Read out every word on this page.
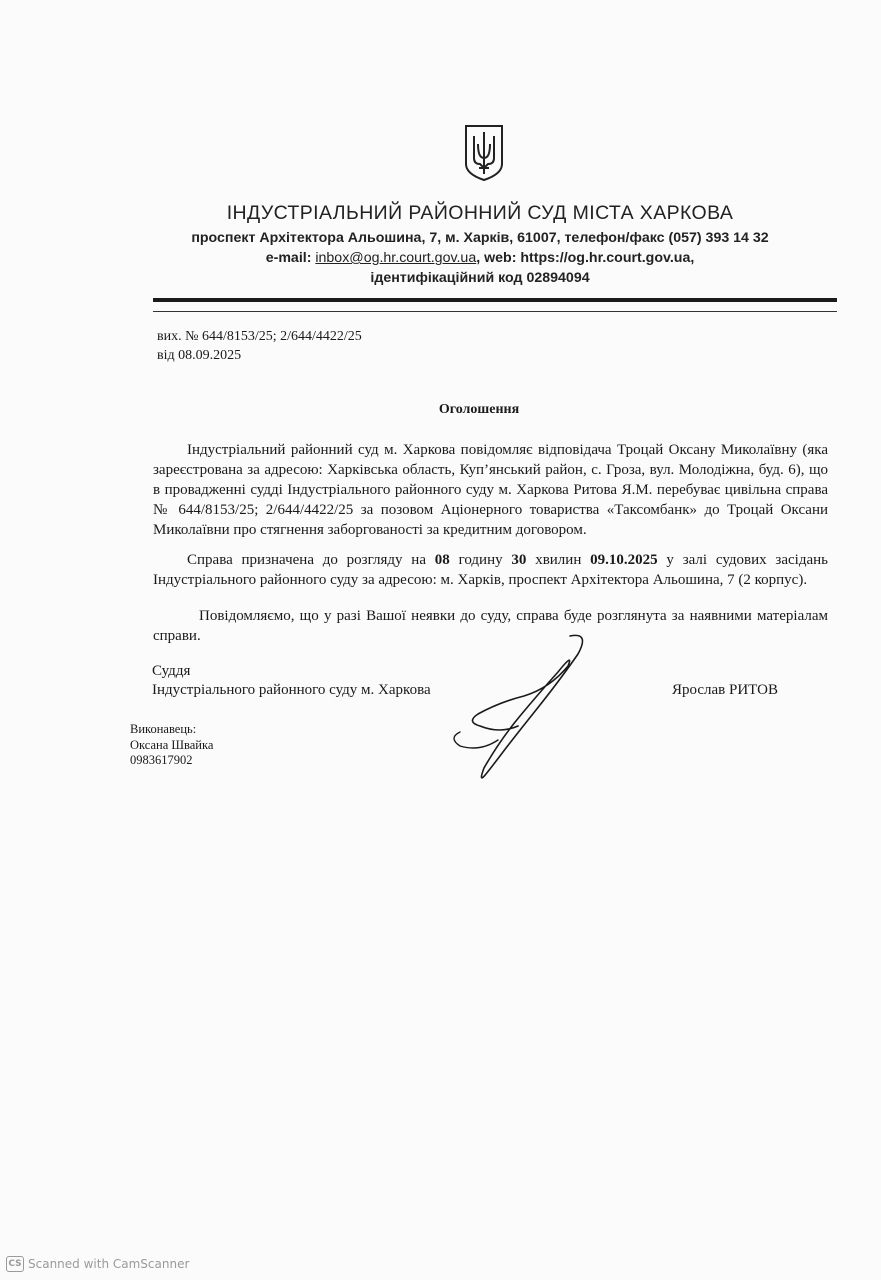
ІНДУСТРІАЛЬНИЙ РАЙОННИЙ СУД МІСТА ХАРКОВА
проспект Архітектора Альошина, 7, м. Харків, 61007, телефон/факс (057) 393 14 32
e-mail: inbox@og.hr.court.gov.ua, web: https://og.hr.court.gov.ua,
ідентифікаційний код 02894094
вих. № 644/8153/25; 2/644/4422/25
від 08.09.2025
Оголошення
Індустріальний районний суд м. Харкова повідомляє відповідача Троцай Оксану Миколаївну (яка зареєстрована за адресою: Харківська область, Куп’янський район, с. Гроза, вул. Молодіжна, буд. 6), що в провадженні судді Індустріального районного суду м. Харкова Ритова Я.М. перебуває цивільна справа № 644/8153/25; 2/644/4422/25 за позовом Аціонерного товариства «Таксомбанк» до Троцай Оксани Миколаївни про стягнення заборгованості за кредитним договором.
Справа призначена до розгляду на 08 годину 30 хвилин 09.10.2025 у залі судових засідань Індустріального районного суду за адресою: м. Харків, проспект Архітектора Альошина, 7 (2 корпус).
Повідомляємо, що у разі Вашої неявки до суду, справа буде розглянута за наявними матеріалам справи.
Суддя
Індустріального районного суду м. Харкова	Ярослав РИТОВ
Виконавець:
Оксана Швайка
0983617902
CS Scanned with CamScanner
